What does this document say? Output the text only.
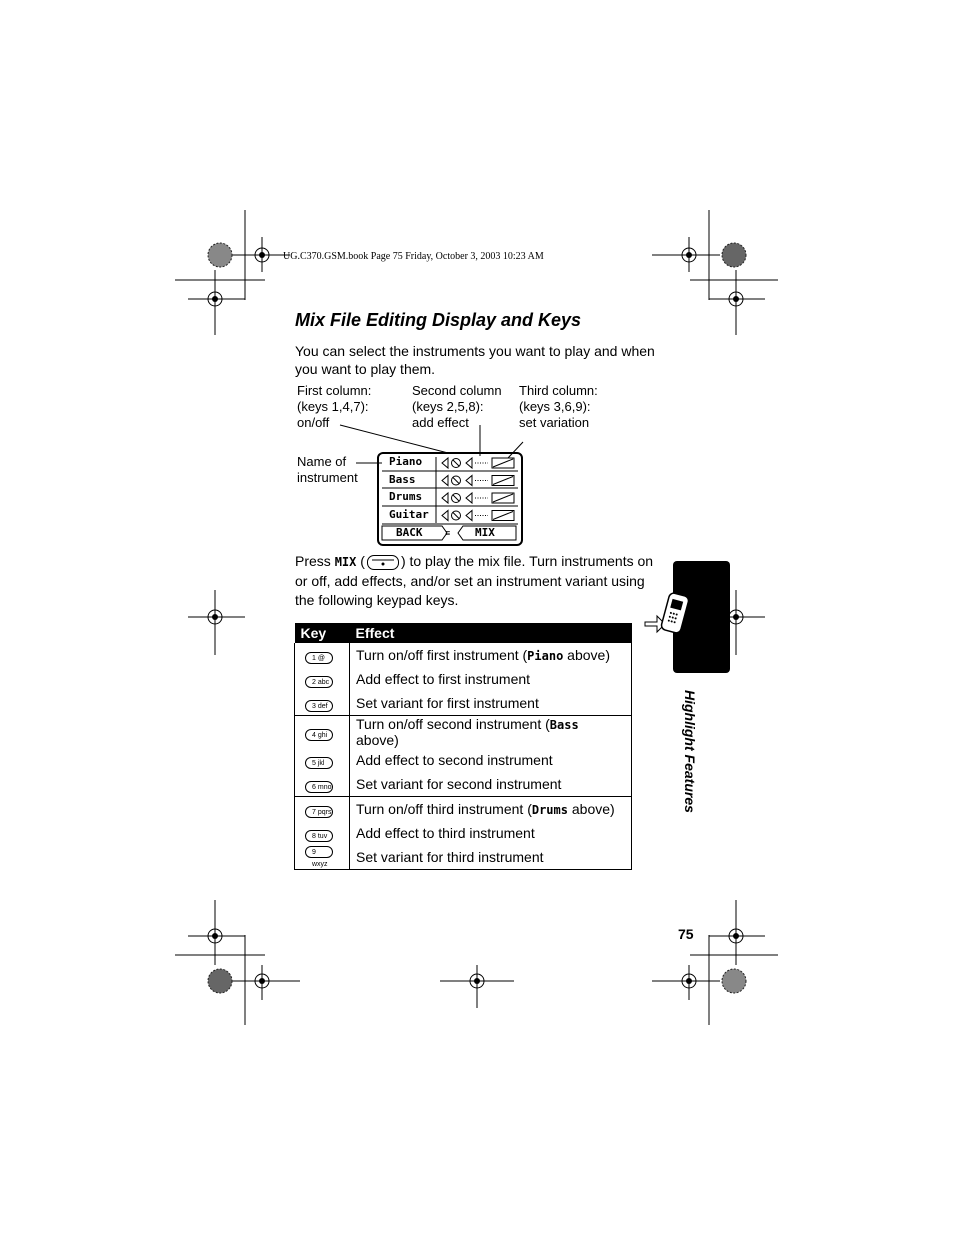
UG.C370.GSM.book Page 75 Friday, October 3, 2003 10:23 AM
Mix File Editing Display and Keys
You can select the instruments you want to play and when you want to play them.
First column:
(keys 1,4,7):
on/off
Second column
(keys 2,5,8):
add effect
Third column:
(keys 3,6,9):
set variation
Name of
instrument
Piano
Bass
Drums
Guitar
BACK	≡ MIX
Press MIX (	) to play the mix file. Turn instruments on or off, add effects, and/or set an instrument variant using the following keypad keys.
Key	Effect
1 @	Turn on/off first instrument (Piano above)
2 abc	Add effect to first instrument
3 def	Set variant for first instrument
4 ghi	Turn on/off second instrument (Bass above)
5 jkl	Add effect to second instrument
6 mno	Set variant for second instrument
7 pqrs	Turn on/off third instrument (Drums above)
8 tuv	Add effect to third instrument
9 wxyz	Set variant for third instrument
Highlight Features
75
